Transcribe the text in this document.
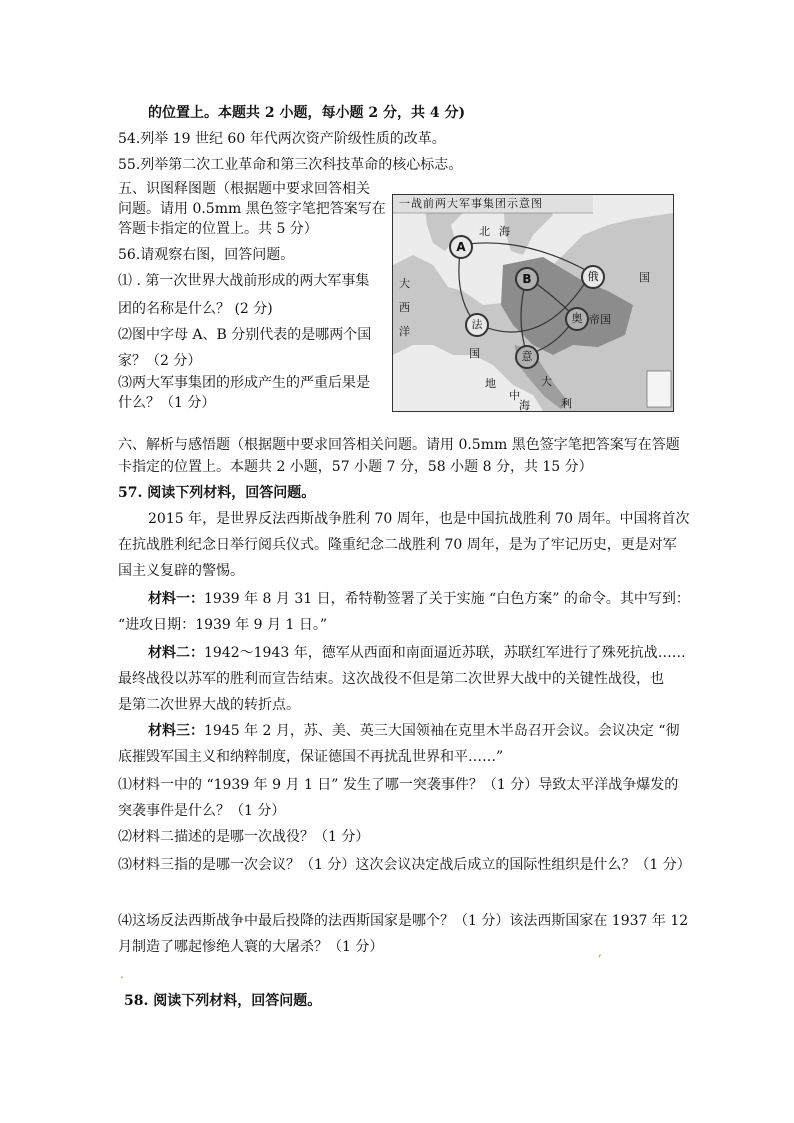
的位置上。本题共 2 小题，每小题 2 分，共 4 分)
54.列举 19 世纪 60 年代两次资产阶级性质的改革。
55.列举第二次工业革命和第三次科技革命的核心标志。
五、识图释图题（根据题中要求回答相关
问题。请用 0.5mm 黑色签字笔把答案写在
答题卡指定的位置上。共 5 分）
56.请观察右图，回答问题。
⑴ . 第一次世界大战前形成的两大军事集
团的名称是什么？ (2 分)
⑵图中字母 A、B 分别代表的是哪两个国
家？（2 分）
⑶两大军事集团的形成产生的严重后果是
什么？（1 分）
六、解析与感悟题（根据题中要求回答相关问题。请用 0.5mm 黑色签字笔把答案写在答题
卡指定的位置上。本题共 2 小题，57 小题 7 分，58 小题 8 分，共 15 分）
57. 阅读下列材料，回答问题。
2015 年，是世界反法西斯战争胜利 70 周年，也是中国抗战胜利 70 周年。中国将首次
在抗战胜利纪念日举行阅兵仪式。隆重纪念二战胜利 70 周年，是为了牢记历史，更是对军
国主义复辟的警惕。
材料一：1939 年 8 月 31 日，希特勒签署了关于实施 “白色方案” 的命令。其中写到：
“进攻日期：1939 年 9 月 1 日。”
材料二：1942～1943 年，德军从西面和南面逼近苏联，苏联红军进行了殊死抗战……
最终战役以苏军的胜利而宣告结束。这次战役不但是第二次世界大战中的关键性战役，也
是第二次世界大战的转折点。
材料三：1945 年 2 月，苏、美、英三大国领袖在克里木半岛召开会议。会议决定 “彻
底摧毁军国主义和纳粹制度，保证德国不再扰乱世界和平……”
⑴材料一中的 “1939 年 9 月 1 日” 发生了哪一突袭事件？（1 分）导致太平洋战争爆发的
突袭事件是什么？（1 分）
⑵材料二描述的是哪一次战役？（1 分）
⑶材料三指的是哪一次会议？（1 分）这次会议决定战后成立的国际性组织是什么？（1 分）
⑷这场反法西斯战争中最后投降的法西斯国家是哪个？（1 分）该法西斯国家在 1937 年 12
月制造了哪起惨绝人寰的大屠杀？（1 分）
58. 阅读下列材料，回答问题。
,
.
一战前两大军事集团示意图
北 海
大
西
洋
国
国
地
中
大
海	利
帝国
A
B	俄
法	奥
意
